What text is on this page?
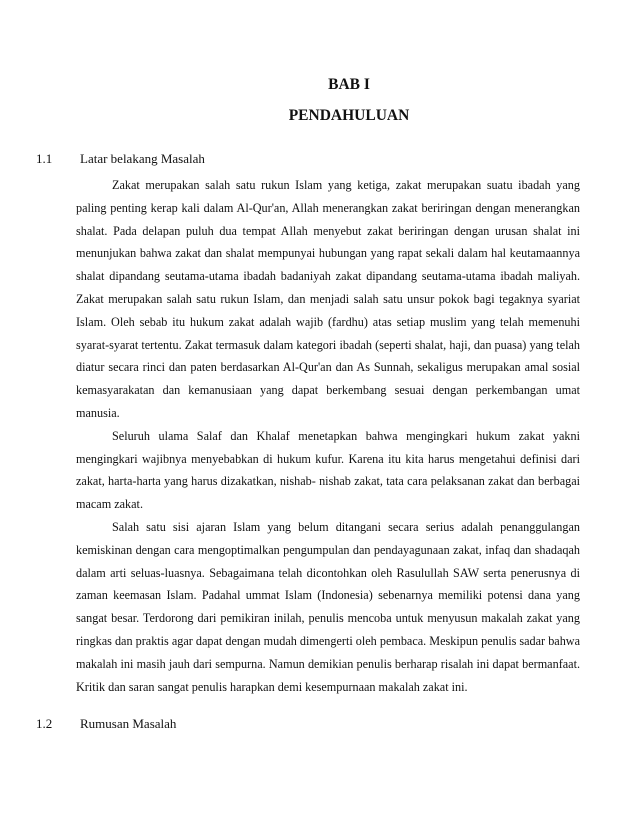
BAB I
PENDAHULUAN
1.1 Latar belakang Masalah

Zakat merupakan salah satu rukun Islam yang ketiga, zakat merupakan suatu ibadah yang paling penting kerap kali dalam Al-Qur'an, Allah menerangkan zakat beriringan dengan menerangkan shalat. Pada delapan puluh dua tempat Allah menyebut zakat beriringan dengan urusan shalat ini menunjukan bahwa zakat dan shalat mempunyai hubungan yang rapat sekali dalam hal keutamaannya shalat dipandang seutama-utama ibadah badaniyah zakat dipandang seutama-utama ibadah maliyah. Zakat merupakan salah satu rukun Islam, dan menjadi salah satu unsur pokok bagi tegaknya syariat Islam. Oleh sebab itu hukum zakat adalah wajib (fardhu) atas setiap muslim yang telah memenuhi syarat-syarat tertentu. Zakat termasuk dalam kategori ibadah (seperti shalat, haji, dan puasa) yang telah diatur secara rinci dan paten berdasarkan Al-Qur'an dan As Sunnah, sekaligus merupakan amal sosial kemasyarakatan dan kemanusiaan yang dapat berkembang sesuai dengan perkembangan umat manusia.

Seluruh ulama Salaf dan Khalaf menetapkan bahwa mengingkari hukum zakat yakni mengingkari wajibnya menyebabkan di hukum kufur. Karena itu kita harus mengetahui definisi dari zakat, harta-harta yang harus dizakatkan, nishab- nishab zakat, tata cara pelaksanan zakat dan berbagai macam zakat.

Salah satu sisi ajaran Islam yang belum ditangani secara serius adalah penanggulangan kemiskinan dengan cara mengoptimalkan pengumpulan dan pendayagunaan zakat, infaq dan shadaqah dalam arti seluas-luasnya. Sebagaimana telah dicontohkan oleh Rasulullah SAW serta penerusnya di zaman keemasan Islam. Padahal ummat Islam (Indonesia) sebenarnya memiliki potensi dana yang sangat besar. Terdorong dari pemikiran inilah, penulis mencoba untuk menyusun makalah zakat yang ringkas dan praktis agar dapat dengan mudah dimengerti oleh pembaca. Meskipun penulis sadar bahwa makalah ini masih jauh dari sempurna. Namun demikian penulis berharap risalah ini dapat bermanfaat. Kritik dan saran sangat penulis harapkan demi kesempurnaan makalah zakat ini.

1.2 Rumusan Masalah
